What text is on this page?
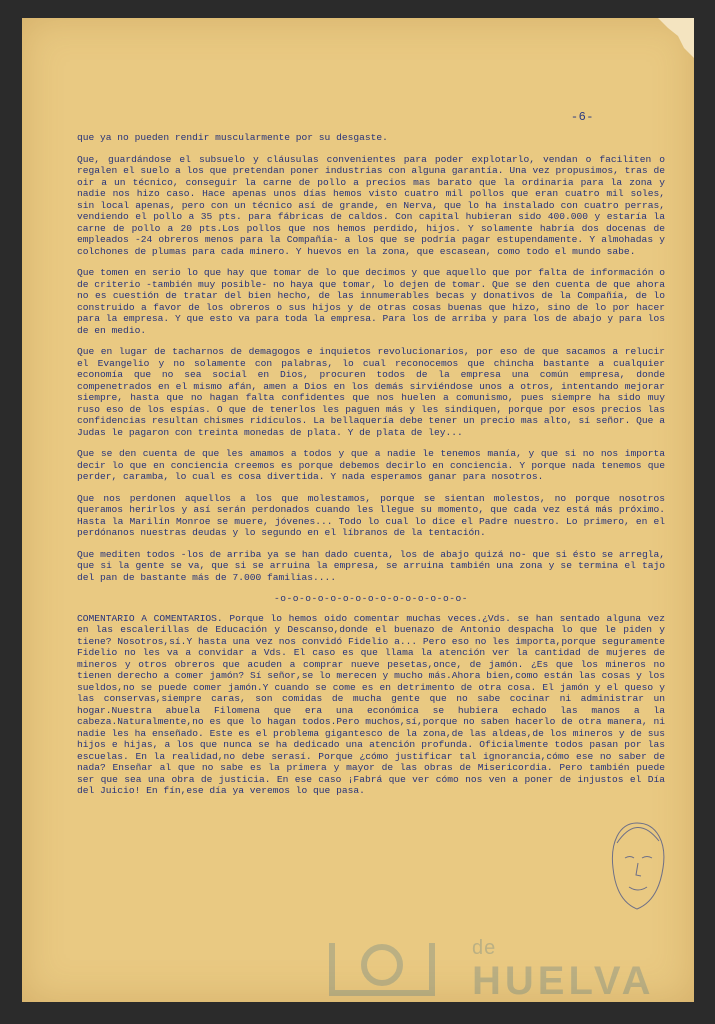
-6-

que ya no pueden rendir muscularmente por su desgaste.

Que, guardándose el subsuelo y cláusulas convenientes para poder explotarlo, vendan o faciliten o regalen el suelo a los que pretendan poner industrias con alguna garantía. Una vez propusimos, tras de oir a un técnico, conseguir la carne de pollo a precios mas barato que la ordinaria para la zona y nadie nos hizo caso. Hace apenas unos días hemos visto cuatro mil pollos que eran cuatro mil soles, sin local apenas, pero con un técnico así de grande, en Nerva, que lo ha instalado con cuatro perras, vendiendo el pollo a 35 pts. para fábricas de caldos. Con capital hubieran sido 400.000 y estaría la carne de pollo a 20 pts.Los pollos que nos hemos perdido, hijos. Y solamente habría dos docenas de empleados -24 obreros menos para la Compañía- a los que se podría pagar estupendamente. Y almohadas y colchones de plumas para cada minero. Y huevos en la zona, que escasean, como todo el mundo sabe.

Que tomen en serio lo que hay que tomar de lo que decimos y que aquello que por falta de información o de criterio -también muy posible- no haya que tomar, lo dejen de tomar. Que se den cuenta de que ahora no es cuestión de tratar del bien hecho, de las innumerables becas y donativos de la Compañía, de lo construido a favor de los obreros o sus hijos y de otras cosas buenas que hizo, sino de lo por hacer para la empresa. Y que esto va para toda la empresa. Para los de arriba y para los de abajo y para los de en medio.

Que en lugar de tacharnos de demagogos e inquietos revolucionarios, por eso de que sacamos a relucir el Evangelio y no solamente con palabras, lo cual reconocemos que chincha bastante a cualquier economía que no sea social en Dios, procuren todos de la empresa una común empresa, donde compenetrados en el mismo afán, amen a Dios en los demás sirviéndose unos a otros, intentando mejorar siempre, hasta que no hagan falta confidentes que nos huelen a comunismo, pues siempre ha sido muy ruso eso de los espías. O que de tenerlos les paguen más y les sindiquen, porque por esos precios las confidencias resultan chismes ridículos. La bellaquería debe tener un precio mas alto, sí señor. Que a Judas le pagaron con treinta monedas de plata. Y de plata de ley...

Que se den cuenta de que les amamos a todos y que a nadie le tenemos manía, y que si no nos importa decir lo que en conciencia creemos es porque debemos decirlo en conciencia. Y porque nada tenemos que perder, caramba, lo cual es cosa divertida. Y nada esperamos ganar para nosotros.

Que nos perdonen aquellos a los que molestamos, porque se sientan molestos, no porque nosotros queramos herirlos y así serán perdonados cuando les llegue su momento, que cada vez está más próximo. Hasta la Marilín Monroe se muere, jóvenes... Todo lo cual lo dice el Padre nuestro. Lo primero, en el perdónanos nuestras deudas y lo segundo en el líbranos de la tentación.

Que mediten todos -los de arriba ya se han dado cuenta, los de abajo quizá no- que si ésto se arregla, que si la gente se va, que si se arruina la empresa, se arruina también una zona y se termina el tajo del pan de bastante más de 7.000 familias....

-o-o-o-o-o-o-o-o-o-o-o-o-o-o-o-

COMENTARIO A COMENTARIOS. Porque lo hemos oido comentar muchas veces.¿Vds. se han sentado alguna vez en las escalerillas de Educación y Descanso,donde el buenazo de Antonio despacha lo que le piden y tiene? Nosotros,sí.Y hasta una vez nos convidó Fidelio a... Pero eso no les importa,porque seguramente Fidelio no les va a convidar a Vds. El caso es que llama la atención ver la cantidad de mujeres de mineros y otros obreros que acuden a comprar nueve pesetas,once, de jamón. ¿Es que los mineros no tienen derecho a comer jamón? Sí señor,se lo merecen y mucho más.Ahora bien,como están las cosas y los sueldos,no se puede comer jamón.Y cuando se come es en detrimento de otra cosa. El jamón y el queso y las conservas,siempre caras, son comidas de mucha gente que no sabe cocinar ni administrar un hogar.Nuestra abuela Filomena que era una económica se hubiera echado las manos a la cabeza.Naturalmente,no es que lo hagan todos.Pero muchos,sí,porque no saben hacerlo de otra manera, ni nadie les ha enseñado. Este es el problema gigantesco de la zona,de las aldeas,de los mineros y de sus hijos e hijas, a los que nunca se ha dedicado una atención profunda. Oficialmente todos pasan por las escuelas. En la realidad,no debe serasí. Porque ¿cómo justificar tal ignorancia,cómo ese no saber de nada? Enseñar al que no sabe es la primera y mayor de las obras de Misericordia. Pero también puede ser que sea una obra de justicia. En ese caso ¡Fabrá que ver cómo nos ven a poner de injustos el Día del Juicio! En fín,ese día ya veremos lo que pasa.

de
HUELVA
